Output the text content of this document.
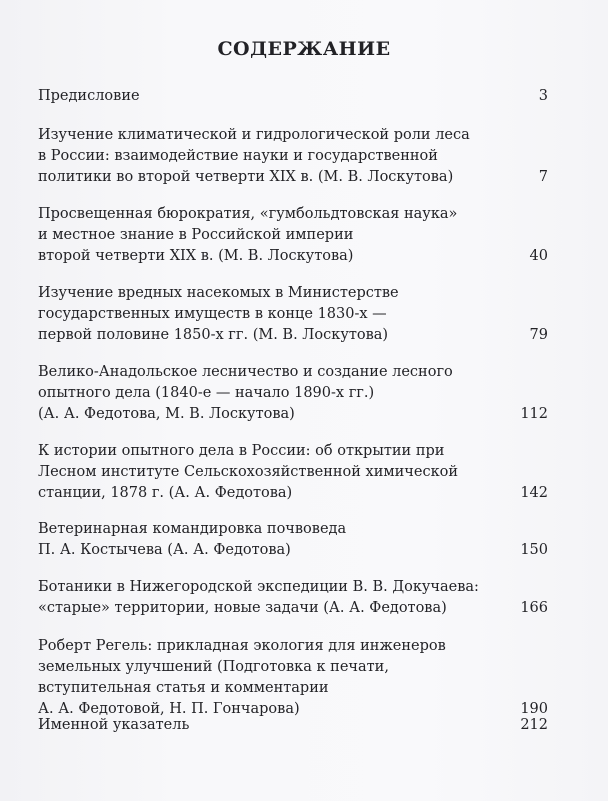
СОДЕРЖАНИЕ
Предисловие	3
Изучение климатической и гидрологической роли леса
в России: взаимодействие науки и государственной
политики во второй четверти XIX в. (М. В. Лоскутова)	7
Просвещенная бюрократия, «гумбольдтовская наука»
и местное знание в Российской империи
второй четверти XIX в. (М. В. Лоскутова)	40
Изучение вредных насекомых в Министерстве
государственных имуществ в конце 1830-х —
первой половине 1850-х гг. (М. В. Лоскутова)	79
Велико-Анадольское лесничество и создание лесного
опытного дела (1840-е — начало 1890-х гг.)
(А. А. Федотова, М. В. Лоскутова)	112
К истории опытного дела в России: об открытии при
Лесном институте Сельскохозяйственной химической
станции, 1878 г. (А. А. Федотова)	142
Ветеринарная командировка почвоведа
П. А. Костычева (А. А. Федотова)	150
Ботаники в Нижегородской экспедиции В. В. Докучаева:
«старые» территории, новые задачи (А. А. Федотова)	166
Роберт Регель: прикладная экология для инженеров
земельных улучшений (Подготовка к печати,
вступительная статья и комментарии
А. А. Федотовой, Н. П. Гончарова)	190
Именной указатель	212
